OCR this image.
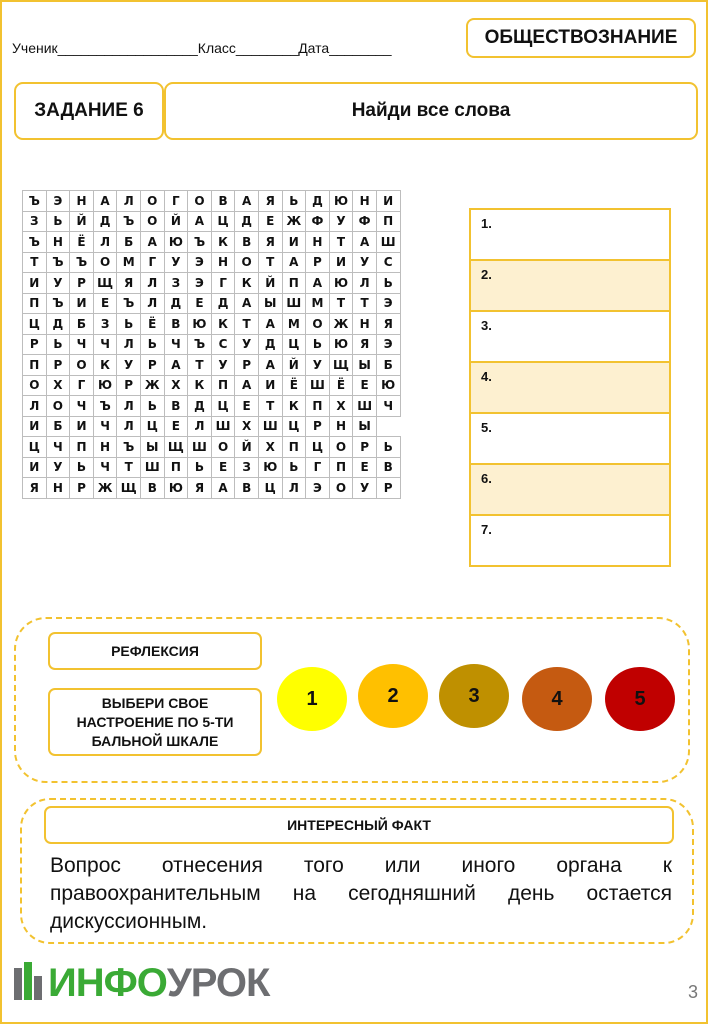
Ученик__________________Класс________Дата________	ОБЩЕСТВОЗНАНИЕ
ЗАДАНИЕ 6	Найди все слова
Ъ	Э	Н	А	Л	О	Г	О	В	А	Я	Ь	Д	Ю	Н	И
З	Ь	Й	Д	Ъ	О	Й	А	Ц	Д	Е	Ж	Ф	У	Ф	П
Ъ	Н	Ё	Л	Б	А	Ю	Ъ	К	В	Я	И	Н	Т	А	Ш
Т	Ъ	Ъ	О	М	Г	У	Э	Н	О	Т	А	Р	И	У	С
И	У	Р	Щ	Я	Л	З	Э	Г	К	Й	П	А	Ю	Л	Ь
П	Ъ	И	Е	Ъ	Л	Д	Е	Д	А	Ы	Ш	М	Т	Т	Э
Ц	Д	Б	З	Ь	Ё	В	Ю	К	Т	А	М	О	Ж	Н	Я
Р	Ь	Ч	Ч	Л	Ь	Ч	Ъ	С	У	Д	Ц	Ь	Ю	Я	Э
П	Р	О	К	У	Р	А	Т	У	Р	А	Й	У	Щ	Ы	Б
О	Х	Г	Ю	Р	Ж	Х	К	П	А	И	Ё	Ш	Ё	Е	Ю
Л	О	Ч	Ъ	Л	Ь	В	Д	Ц	Е	Т	К	П	Х	Ш	Ч
И	Б	И	Ч	Л	Ц	Е	Л	Ш	Х	Ш	Ц	Р	Н	Ы	
Ц	Ч	П	Н	Ъ	Ы	Щ	Ш	О	Й	Х	П	Ц	О	Р	Ь
И	У	Ь	Ч	Т	Ш	П	Ь	Е	З	Ю	Ь	Г	П	Е	В
Я	Н	Р	Ж	Щ	В	Ю	Я	А	В	Ц	Л	Э	О	У	Р
1.
2.
3.
4.
5.
6.
7.
РЕФЛЕКСИЯ
ВЫБЕРИ СВОЕ НАСТРОЕНИЕ ПО 5-ТИ БАЛЬНОЙ ШКАЛЕ
1	2	3	4	5
ИНТЕРЕСНЫЙ ФАКТ
Вопрос отнесения того или иного органа к правоохранительным на сегодняшний день остается дискуссионным.
ИНФО УРОК	3
